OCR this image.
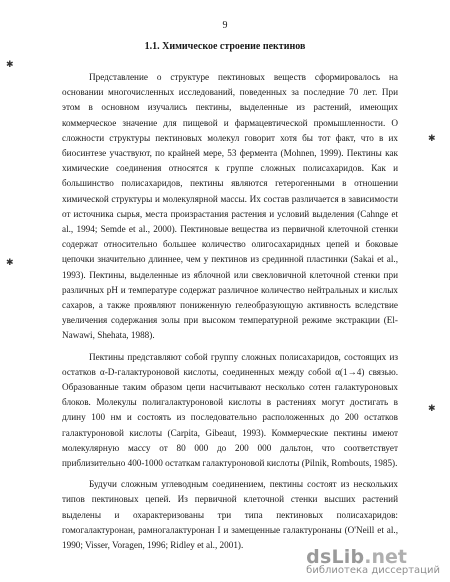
9
1.1. Химическое строение пектинов

Представление о структуре пектиновых веществ сформировалось на основании многочисленных исследований, поведенных за последние 70 лет. При этом в основном изучались пектины, выделенные из растений, имеющих коммерческое значение для пищевой и фармацевтической промышленности. О сложности структуры пектиновых молекул говорит хотя бы тот факт, что в их биосинтезе участвуют, по крайней мере, 53 фермента (Mohnen, 1999). Пектины как химические соединения относятся к группе сложных полисахаридов. Как и большинство полисахаридов, пектины являются гетерогенными в отношении химической структуры и молекулярной массы. Их состав различается в зависимости от источника сырья, места произрастания растения и условий выделения (Cahnge et al., 1994; Semde et al., 2000). Пектиновые вещества из первичной клеточной стенки содержат относительно большее количество олигосахаридных цепей и боковые цепочки значительно длиннее, чем у пектинов из срединной пластинки (Sakai et al., 1993). Пектины, выделенные из яблочной или свекловичной клеточной стенки при различных pH и температуре содержат различное количество нейтральных и кислых сахаров, а также проявляют пониженную гелеобразующую активность вследствие увеличения содержания золы при высоком температурной режиме экстракции (El-Nawawi, Shehata, 1988).

Пектины представляют собой группу сложных полисахаридов, состоящих из остатков α-D-галактуроновой кислоты, соединенных между собой α(1→4) связью. Образованные таким образом цепи насчитывают несколько сотен галактуроновых блоков. Молекулы полигалактуроновой кислоты в растениях могут достигать в длину 100 нм и состоять из последовательно расположенных до 200 остатков галактуроновой кислоты (Carpita, Gibeaut, 1993). Коммерческие пектины имеют молекулярную массу от 80 000 до 200 000 дальтон, что соответствует приблизительно 400-1000 остаткам галактуроновой кислоты (Pilnik, Rombouts, 1985).

Будучи сложным углеводным соединением, пектины состоят из нескольких типов пектиновых цепей. Из первичной клеточной стенки высших растений выделены и охарактеризованы три типа пектиновых полисахаридов: гомогалактуронан, рамногалактуронан I и замещенные галактуронаны (O'Neill et al., 1990; Visser, Voragen, 1996; Ridley et al., 2001).

✱
✱
✱
✱
dsLib .net
библиотека диссертаций
